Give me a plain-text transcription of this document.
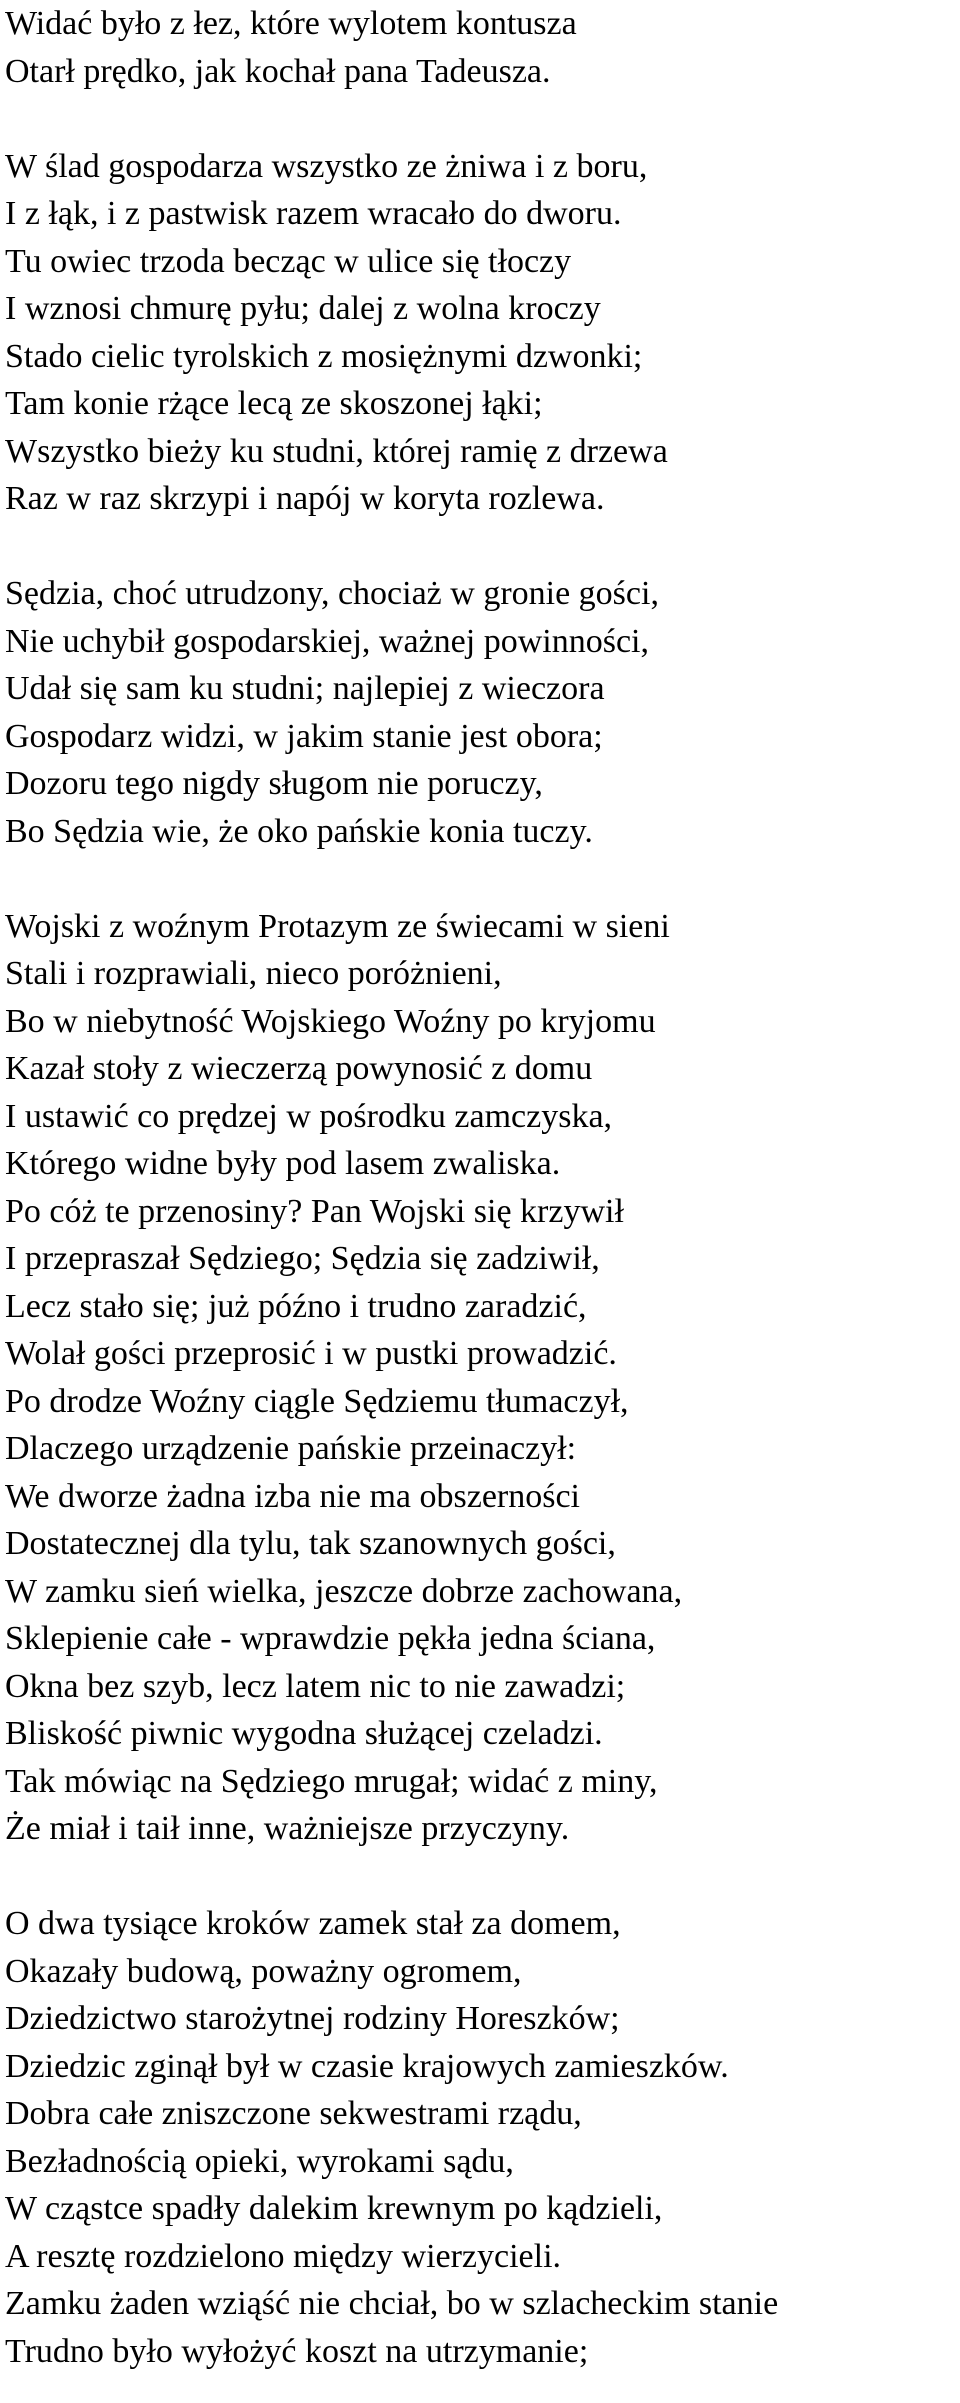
Widać było z łez, które wylotem kontusza
Otarł prędko, jak kochał pana Tadeusza.
W ślad gospodarza wszystko ze żniwa i z boru,
I z łąk, i z pastwisk razem wracało do dworu.
Tu owiec trzoda becząc w ulice się tłoczy
I wznosi chmurę pyłu; dalej z wolna kroczy
Stado cielic tyrolskich z mosiężnymi dzwonki;
Tam konie rżące lecą ze skoszonej łąki;
Wszystko bieży ku studni, której ramię z drzewa
Raz w raz skrzypi i napój w koryta rozlewa.
Sędzia, choć utrudzony, chociaż w gronie gości,
Nie uchybił gospodarskiej, ważnej powinności,
Udał się sam ku studni; najlepiej z wieczora
Gospodarz widzi, w jakim stanie jest obora;
Dozoru tego nigdy sługom nie poruczy,
Bo Sędzia wie, że oko pańskie konia tuczy.
Wojski z woźnym Protazym ze świecami w sieni
Stali i rozprawiali, nieco poróżnieni,
Bo w niebytność Wojskiego Woźny po kryjomu
Kazał stoły z wieczerzą powynosić z domu
I ustawić co prędzej w pośrodku zamczyska,
Którego widne były pod lasem zwaliska.
Po cóż te przenosiny? Pan Wojski się krzywił
I przepraszał Sędziego; Sędzia się zadziwił,
Lecz stało się; już późno i trudno zaradzić,
Wolał gości przeprosić i w pustki prowadzić.
Po drodze Woźny ciągle Sędziemu tłumaczył,
Dlaczego urządzenie pańskie przeinaczył:
We dworze żadna izba nie ma obszerności
Dostatecznej dla tylu, tak szanownych gości,
W zamku sień wielka, jeszcze dobrze zachowana,
Sklepienie całe - wprawdzie pękła jedna ściana,
Okna bez szyb, lecz latem nic to nie zawadzi;
Bliskość piwnic wygodna służącej czeladzi.
Tak mówiąc na Sędziego mrugał; widać z miny,
Że miał i taił inne, ważniejsze przyczyny.
O dwa tysiące kroków zamek stał za domem,
Okazały budową, poważny ogromem,
Dziedzictwo starożytnej rodziny Horeszków;
Dziedzic zginął był w czasie krajowych zamieszków.
Dobra całe zniszczone sekwestrami rządu,
Bezładnością opieki, wyrokami sądu,
W cząstce spadły dalekim krewnym po kądzieli,
A resztę rozdzielono między wierzycieli.
Zamku żaden wziąść nie chciał, bo w szlacheckim stanie
Trudno było wyłożyć koszt na utrzymanie;
